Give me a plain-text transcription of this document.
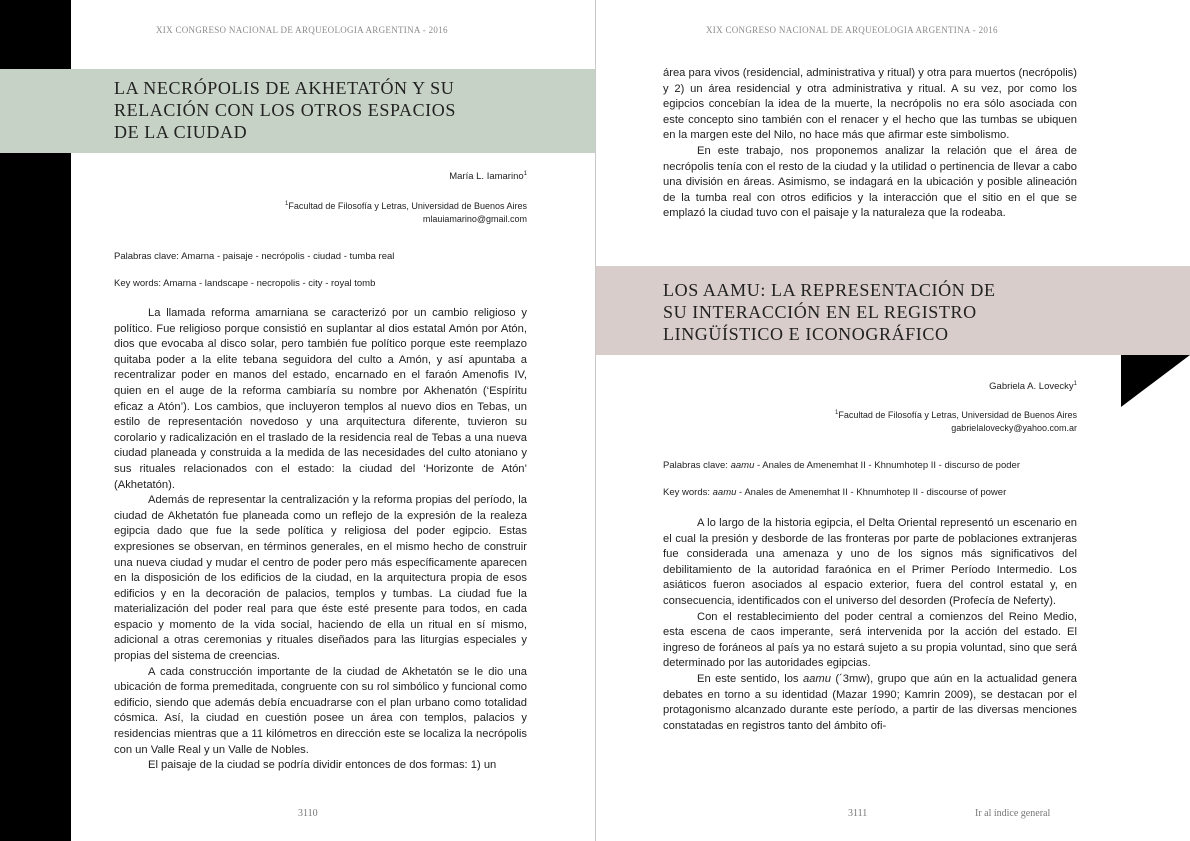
XIX CONGRESO NACIONAL DE ARQUEOLOGIA ARGENTINA - 2016
LA NECRÓPOLIS DE AKHETATÓN Y SU
RELACIÓN CON LOS OTROS ESPACIOS
DE LA CIUDAD
María L. Iamarino$^1$
$^1$Facultad de Filosofía y Letras, Universidad de Buenos Aires
mlauiamarino@gmail.com
Palabras clave: Amarna - paisaje - necrópolis - ciudad - tumba real
Key words: Amarna - landscape - necropolis - city - royal tomb

La llamada reforma amarniana se caracterizó por un cambio religioso y político. Fue religioso porque consistió en suplantar al dios estatal Amón por Atón, dios que evocaba al disco solar, pero también fue político porque este reemplazo quitaba poder a la elite tebana seguidora del culto a Amón, y así apuntaba a recentralizar poder en manos del estado, encarnado en el faraón Amenofis IV, quien en el auge de la reforma cambiaría su nombre por Akhenatón (‘Espíritu eficaz a Atón’). Los cambios, que incluyeron templos al nuevo dios en Tebas, un estilo de representación novedoso y una arquitectura diferente, tuvieron su corolario y radicalización en el traslado de la residencia real de Tebas a una nueva ciudad planeada y construida a la medida de las necesidades del culto atoniano y sus rituales relacionados con el estado: la ciudad del ‘Horizonte de Atón’ (Akhetatón).

Además de representar la centralización y la reforma propias del período, la ciudad de Akhetatón fue planeada como un reflejo de la expresión de la realeza egipcia dado que fue la sede política y religiosa del poder egipcio. Estas expresiones se observan, en términos generales, en el mismo hecho de construir una nueva ciudad y mudar el centro de poder pero más específicamente aparecen en la disposición de los edificios de la ciudad, en la arquitectura propia de esos edificios y en la decoración de palacios, templos y tumbas. La ciudad fue la materialización del poder real para que éste esté presente para todos, en cada espacio y momento de la vida social, haciendo de ella un ritual en sí mismo, adicional a otras ceremonias y rituales diseñados para las liturgias especiales y propias del sistema de creencias.

A cada construcción importante de la ciudad de Akhetatón se le dio una ubicación de forma premeditada, congruente con su rol simbólico y funcional como edificio, siendo que además debía encuadrarse con el plan urbano como totalidad cósmica. Así, la ciudad en cuestión posee un área con templos, palacios y residencias mientras que a 11 kilómetros en dirección este se localiza la necrópolis con un Valle Real y un Valle de Nobles.

El paisaje de la ciudad se podría dividir entonces de dos formas: 1) un

3110
XIX CONGRESO NACIONAL DE ARQUEOLOGIA ARGENTINA - 2016

área para vivos (residencial, administrativa y ritual) y otra para muertos (necrópolis) y 2) un área residencial y otra administrativa y ritual. A su vez, por como los egipcios concebían la idea de la muerte, la necrópolis no era sólo asociada con este concepto sino también con el renacer y el hecho que las tumbas se ubiquen en la margen este del Nilo, no hace más que afirmar este simbolismo.

En este trabajo, nos proponemos analizar la relación que el área de necrópolis tenía con el resto de la ciudad y la utilidad o pertinencia de llevar a cabo una división en áreas. Asimismo, se indagará en la ubicación y posible alineación de la tumba real con otros edificios y la interacción que el sitio en el que se emplazó la ciudad tuvo con el paisaje y la naturaleza que la rodeaba.

LOS AAMU: LA REPRESENTACIÓN DE
SU INTERACCIÓN EN EL REGISTRO
LINGÜÍSTICO E ICONOGRÁFICO
Gabriela A. Lovecky$^1$
$^1$Facultad de Filosofía y Letras, Universidad de Buenos Aires
gabrielalovecky@yahoo.com.ar
Palabras clave: aamu - Anales de Amenemhat II - Khnumhotep II - discurso de poder
Key words: aamu - Anales de Amenemhat II - Khnumhotep II - discourse of power

A lo largo de la historia egipcia, el Delta Oriental representó un escenario en el cual la presión y desborde de las fronteras por parte de poblaciones extranjeras fue considerada una amenaza y uno de los signos más significativos del debilitamiento de la autoridad faraónica en el Primer Período Intermedio. Los asiáticos fueron asociados al espacio exterior, fuera del control estatal y, en consecuencia, identificados con el universo del desorden (Profecía de Neferty).

Con el restablecimiento del poder central a comienzos del Reino Medio, esta escena de caos imperante, será intervenida por la acción del estado. El ingreso de foráneos al país ya no estará sujeto a su propia voluntad, sino que será determinado por las autoridades egipcias.

En este sentido, los aamu (´3mw), grupo que aún en la actualidad genera debates en torno a su identidad (Mazar 1990; Kamrin 2009), se destacan por el protagonismo alcanzado durante este período, a partir de las diversas menciones constatadas en registros tanto del ámbito ofi-

3111	Ir al índice general
